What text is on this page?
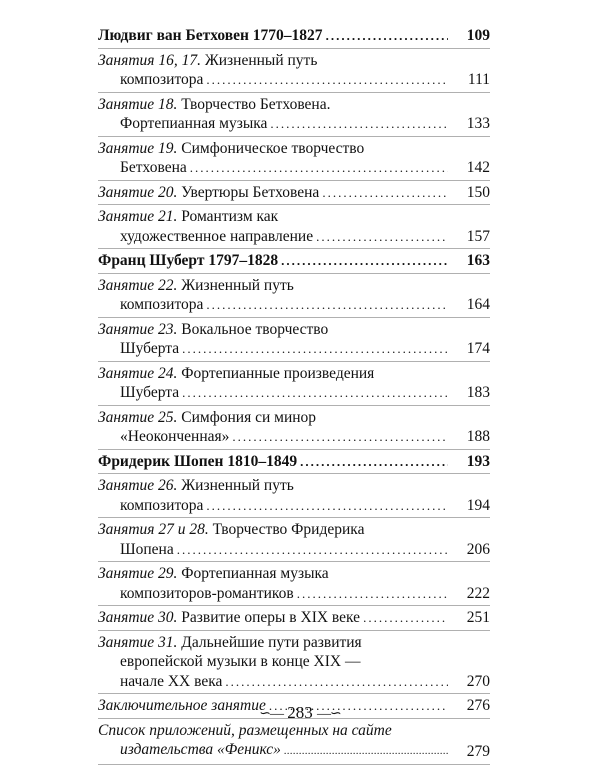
Людвиг ван Бетховен 1770–1827 .....	109
Занятия 16, 17. Жизненный путь
композитора .....	111
Занятие 18. Творчество Бетховена.
Фортепианная музыка .....	133
Занятие 19. Симфоническое творчество
Бетховена .....	142
Занятие 20. Увертюры Бетховена .....	150
Занятие 21. Романтизм как
художественное направление .....	157
Франц Шуберт 1797–1828 .....	163
Занятие 22. Жизненный путь
композитора .....	164
Занятие 23. Вокальное творчество
Шуберта .....	174
Занятие 24. Фортепианные произведения
Шуберта .....	183
Занятие 25. Симфония си минор
«Неоконченная» .....	188
Фридерик Шопен 1810–1849 .....	193
Занятие 26. Жизненный путь
композитора .....	194
Занятия 27 и 28. Творчество Фридерика
Шопена .....	206
Занятие 29. Фортепианная музыка
композиторов-романтиков .....	222
Занятие 30. Развитие оперы в XIX веке .....	251
Занятие 31. Дальнейшие пути развития
европейской музыки в конце XIX —
начале XX века .....	270
Заключительное занятие .....	276
Список приложений, размещенных на сайте
издательства «Феникс» .....	279
∽— 283 —∽
